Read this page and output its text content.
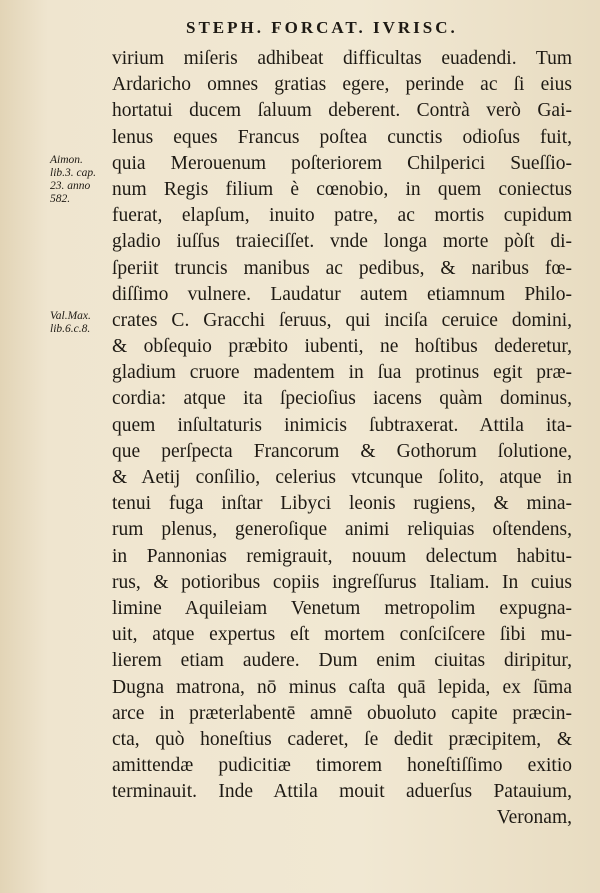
STEPH. FORCAT. IVRISC.
Aimon.
lib.3. cap.
23. anno
582.
Val.Max.
lib.6.c.8.
virium miſeris adhibeat difficultas euadendi. Tum
Ardaricho omnes gratias egere, perinde ac ſi eius
hortatui ducem ſaluum deberent. Contrà verò Gai-
lenus eques Francus poſtea cunctis odioſus fuit,
quia Merouenum poſteriorem Chilperici Sueſſio-
num Regis filium è cœnobio, in quem coniectus
fuerat, elapſum, inuito patre, ac mortis cupidum
gladio iuſſus traieciſſet. vnde longa morte pòſt di-
ſperiit truncis manibus ac pedibus, & naribus fœ-
diſſimo vulnere. Laudatur autem etiamnum Philo-
crates C. Gracchi ſeruus, qui inciſa ceruice domini,
& obſequio præbito iubenti, ne hoſtibus dederetur,
gladium cruore madentem in ſua protinus egit præ-
cordia: atque ita ſpecioſius iacens quàm dominus,
quem inſultaturis inimicis ſubtraxerat. Attila ita-
que perſpecta Francorum & Gothorum ſolutione,
& Aetij conſilio, celerius vtcunque ſolito, atque in
tenui fuga inſtar Libyci leonis rugiens, & mina-
rum plenus, generoſique animi reliquias oſtendens,
in Pannonias remigrauit, nouum delectum habitu-
rus, & potioribus copiis ingreſſurus Italiam. In cuius
limine Aquileiam Venetum metropolim expugna-
uit, atque expertus eſt mortem conſciſcere ſibi mu-
lierem etiam audere. Dum enim ciuitas diripitur,
Dugna matrona, nō minus caſta quā lepida, ex ſūma
arce in præterlabentē amnē obuoluto capite præcin-
cta, quò honeſtius caderet, ſe dedit præcipitem, &
amittendæ pudicitiæ timorem honeſtiſſimo exitio
terminauit. Inde Attila mouit aduerſus Patauium,
Veronam,
